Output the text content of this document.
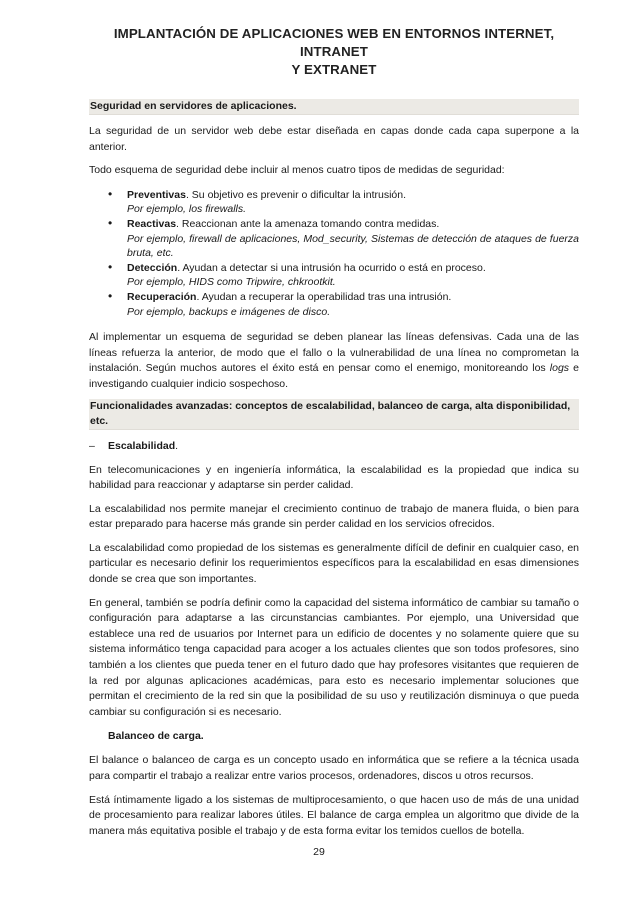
IMPLANTACIÓN DE APLICACIONES WEB EN ENTORNOS INTERNET, INTRANET
Y EXTRANET
Seguridad en servidores de aplicaciones.

La seguridad de un servidor web debe estar diseñada en capas donde cada capa superpone a la anterior.

Todo esquema de seguridad debe incluir al menos cuatro tipos de medidas de seguridad:

• Preventivas. Su objetivo es prevenir o dificultar la intrusión.
Por ejemplo, los firewalls.
• Reactivas. Reaccionan ante la amenaza tomando contra medidas.
Por ejemplo, firewall de aplicaciones, Mod_security, Sistemas de detección de ataques de fuerza bruta, etc.
• Detección. Ayudan a detectar si una intrusión ha ocurrido o está en proceso.
Por ejemplo, HIDS como Tripwire, chkrootkit.
• Recuperación. Ayudan a recuperar la operabilidad tras una intrusión.
Por ejemplo, backups e imágenes de disco.

Al implementar un esquema de seguridad se deben planear las líneas defensivas. Cada una de las líneas refuerza la anterior, de modo que el fallo o la vulnerabilidad de una línea no comprometan la instalación. Según muchos autores el éxito está en pensar como el enemigo, monitoreando los logs e investigando cualquier indicio sospechoso.

Funcionalidades avanzadas: conceptos de escalabilidad, balanceo de carga, alta disponibilidad, etc.
–	Escalabilidad.

En telecomunicaciones y en ingeniería informática, la escalabilidad es la propiedad que indica su habilidad para reaccionar y adaptarse sin perder calidad.

La escalabilidad nos permite manejar el crecimiento continuo de trabajo de manera fluida, o bien para estar preparado para hacerse más grande sin perder calidad en los servicios ofrecidos.

La escalabilidad como propiedad de los sistemas es generalmente difícil de definir en cualquier caso, en particular es necesario definir los requerimientos específicos para la escalabilidad en esas dimensiones donde se crea que son importantes.

En general, también se podría definir como la capacidad del sistema informático de cambiar su tamaño o configuración para adaptarse a las circunstancias cambiantes. Por ejemplo, una Universidad que establece una red de usuarios por Internet para un edificio de docentes y no solamente quiere que su sistema informático tenga capacidad para acoger a los actuales clientes que son todos profesores, sino también a los clientes que pueda tener en el futuro dado que hay profesores visitantes que requieren de la red por algunas aplicaciones académicas, para esto es necesario implementar soluciones que permitan el crecimiento de la red sin que la posibilidad de su uso y reutilización disminuya o que pueda cambiar su configuración si es necesario.

Balanceo de carga.

El balance o balanceo de carga es un concepto usado en informática que se refiere a la técnica usada para compartir el trabajo a realizar entre varios procesos, ordenadores, discos u otros recursos.

Está íntimamente ligado a los sistemas de multiprocesamiento, o que hacen uso de más de una unidad de procesamiento para realizar labores útiles. El balance de carga emplea un algoritmo que divide de la manera más equitativa posible el trabajo y de esta forma evitar los temidos cuellos de botella.

29
